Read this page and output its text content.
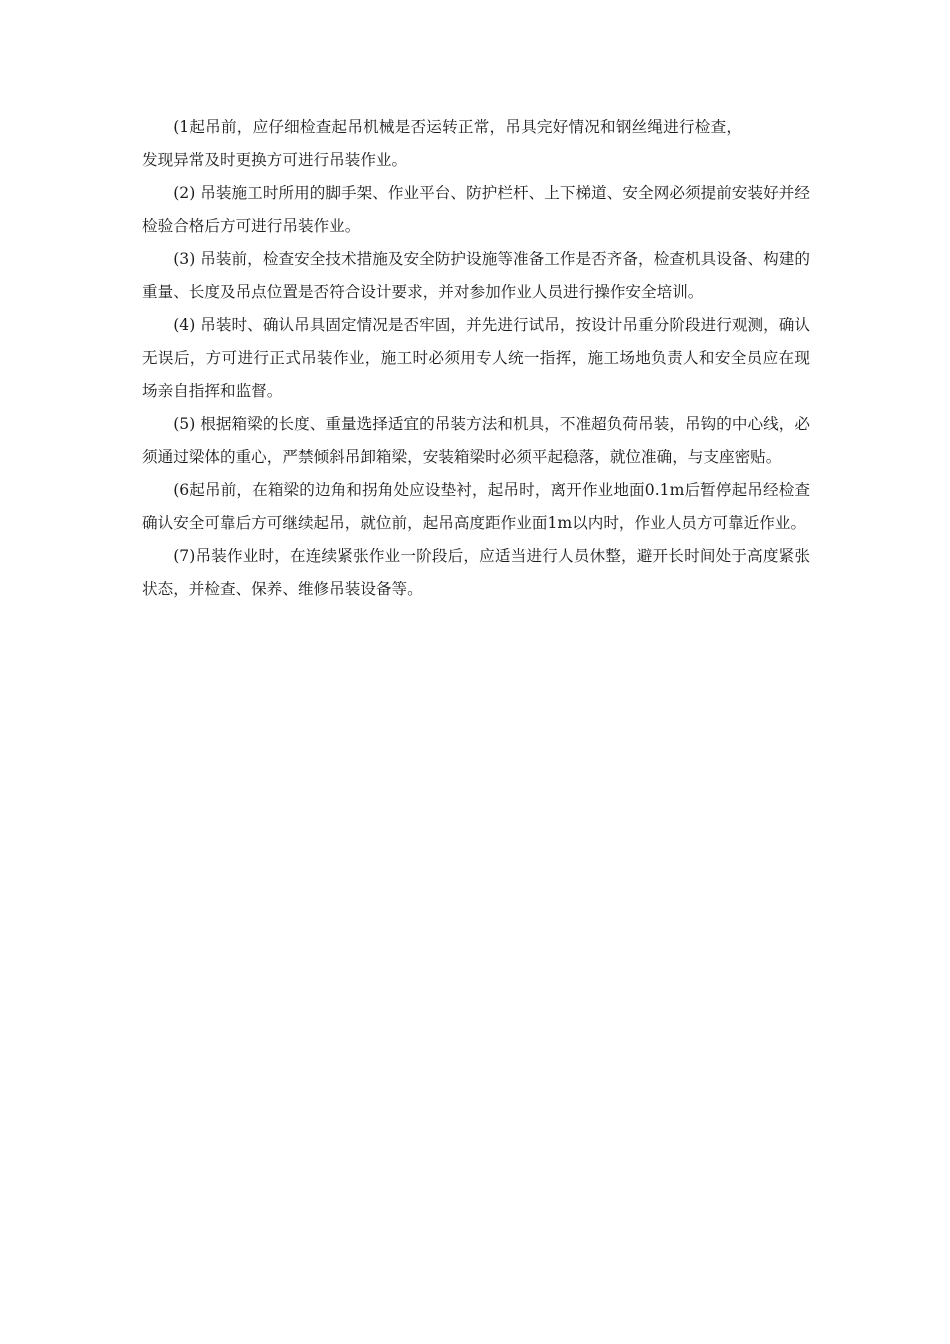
(1起吊前，应仔细检查起吊机械是否运转正常，吊具完好情况和钢丝绳进行检查，发现异常及时更换方可进行吊装作业。

(2) 吊装施工时所用的脚手架、作业平台、防护栏杆、上下梯道、安全网必须提前安装好并经检验合格后方可进行吊装作业。

(3) 吊装前，检查安全技术措施及安全防护设施等准备工作是否齐备，检查机具设备、构建的重量、长度及吊点位置是否符合设计要求，并对参加作业人员进行操作安全培训。

(4) 吊装时、确认吊具固定情况是否牢固，并先进行试吊，按设计吊重分阶段进行观测，确认无误后，方可进行正式吊装作业，施工时必须用专人统一指挥，施工场地负责人和安全员应在现场亲自指挥和监督。

(5) 根据箱梁的长度、重量选择适宜的吊装方法和机具，不准超负荷吊装，吊钩的中心线，必须通过梁体的重心，严禁倾斜吊卸箱梁，安装箱梁时必须平起稳落，就位准确，与支座密贴。

(6起吊前，在箱梁的边角和拐角处应设垫衬，起吊时，离开作业地面0.1m后暂停起吊经检查确认安全可靠后方可继续起吊，就位前，起吊高度距作业面1m以内时，作业人员方可靠近作业。

(7)吊装作业时，在连续紧张作业一阶段后，应适当进行人员休整，避开长时间处于高度紧张状态，并检查、保养、维修吊装设备等。
